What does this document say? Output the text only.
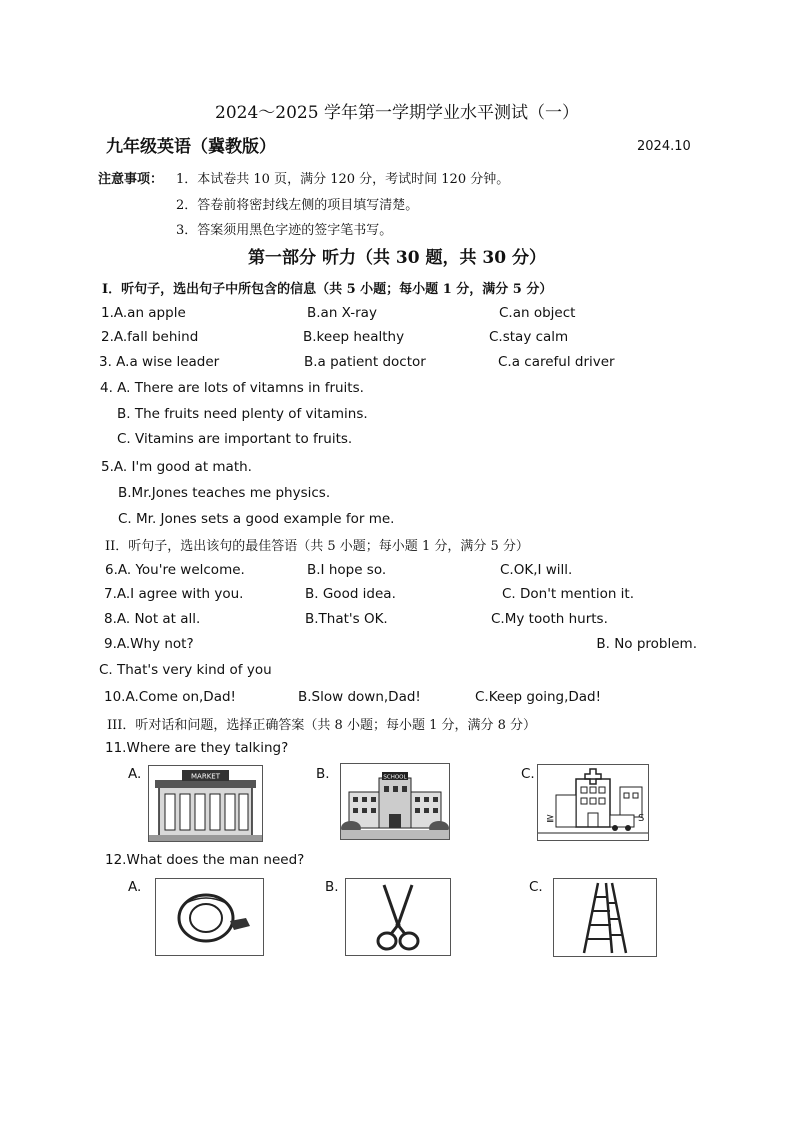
2024～2025 学年第一学期学业水平测试（一）
九年级英语（冀教版）	2024.10
注意事项： 1．本试卷共 10 页，满分 120 分，考试时间 120 分钟。
2．答卷前将密封线左侧的项目填写清楚。
3．答案须用黑色字迹的签字笔书写。
第一部分 听力（共 30 题，共 30 分）
I．听句子，选出句子中所包含的信息（共 5 小题；每小题 1 分，满分 5 分）
1.A.an apple	B.an X-ray	C.an object
2.A.fall behind	B.keep healthy	C.stay calm
3. A.a wise leader	B.a patient doctor	C.a careful driver
4. A. There are lots of vitamns in fruits.
B. The fruits need plenty of vitamins.
C. Vitamins are important to fruits.
5.A. I'm good at math.
B.Mr.Jones teaches me physics.
C. Mr. Jones sets a good example for me.
II．听句子，选出该句的最佳答语（共 5 小题；每小题 1 分，满分 5 分）
6.A. You're welcome.	B.I hope so.	C.OK,I will.
7.A.I agree with you.	B. Good idea.	C. Don't mention it.
8.A. Not at all.	B.That's OK.	C.My tooth hurts.
9.A.Why not?	B. No problem.
C. That's very kind of you
10.A.Come on,Dad!	B.Slow down,Dad!	C.Keep going,Dad!
III．听对话和问题，选择正确答案（共 8 小题；每小题 1 分，满分 8 分）
11.Where are they talking?
A.	MARKET	B.	SCHOOL	C.
≧	S
12.What does the man need?
A.	B.	C.
